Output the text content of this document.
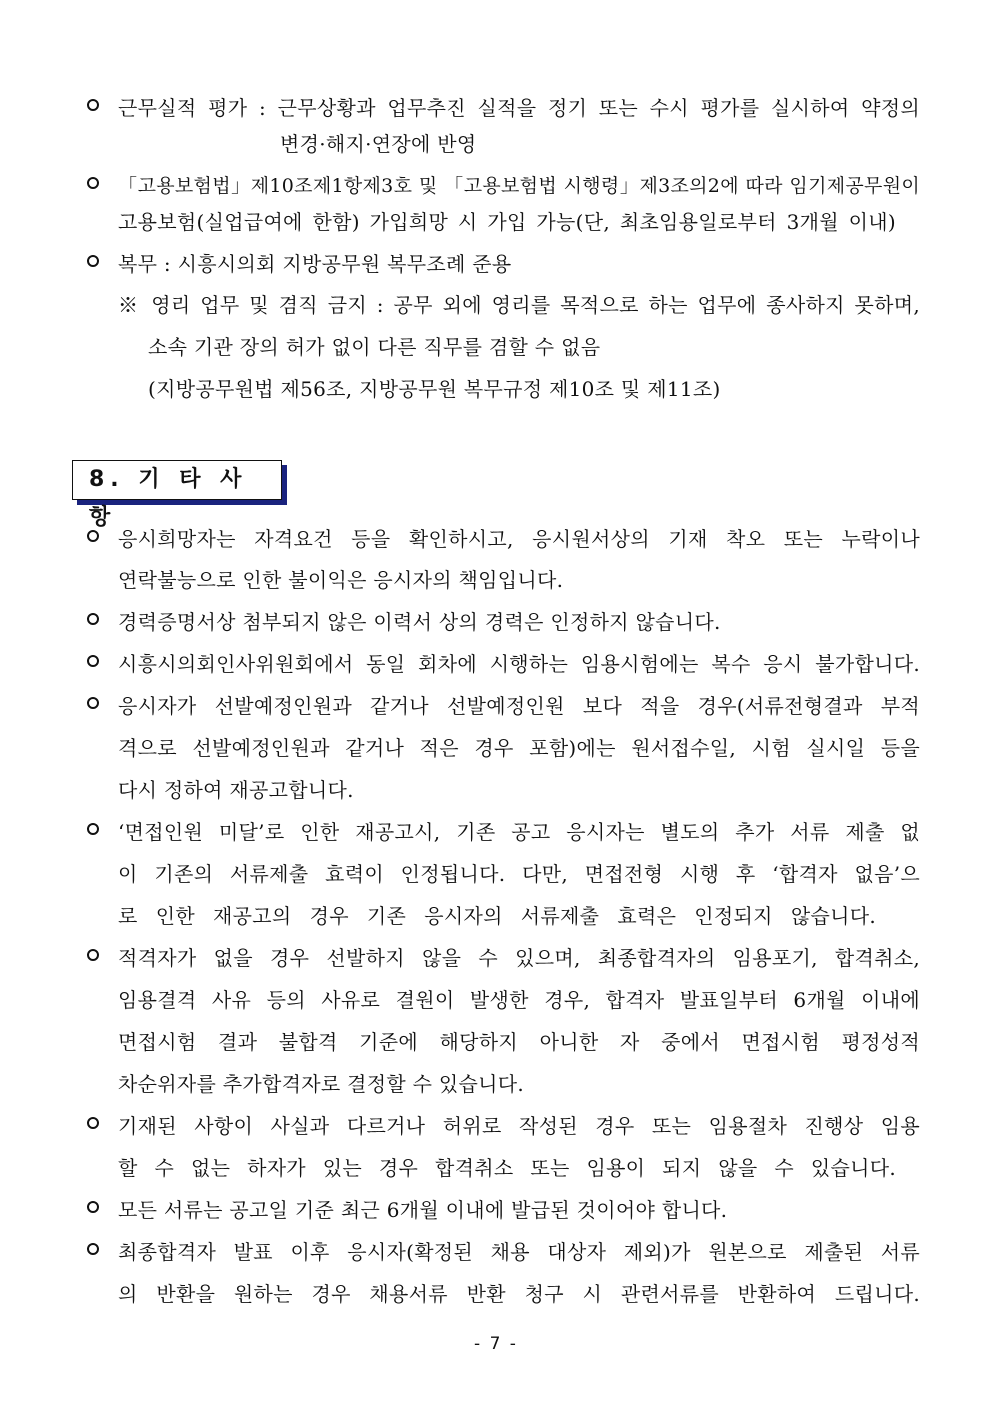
근무실적 평가 : 근무상황과 업무추진 실적을 정기 또는 수시 평가를 실시하여 약정의
변경·해지·연장에 반영
「고용보험법」제10조제1항제3호 및 「고용보험법 시행령」제3조의2에 따라 임기제공무원이
고용보험(실업급여에 한함) 가입희망 시 가입 가능(단, 최초임용일로부터 3개월 이내)
복무 : 시흥시의회 지방공무원 복무조례 준용
※ 영리 업무 및 겸직 금지 : 공무 외에 영리를 목적으로 하는 업무에 종사하지 못하며,
소속 기관 장의 허가 없이 다른 직무를 겸할 수 없음
(지방공무원법 제56조, 지방공무원 복무규정 제10조 및 제11조)
8. 기 타 사 항
응시희망자는 자격요건 등을 확인하시고, 응시원서상의 기재 착오 또는 누락이나
연락불능으로 인한 불이익은 응시자의 책임입니다.
경력증명서상 첨부되지 않은 이력서 상의 경력은 인정하지 않습니다.
시흥시의회인사위원회에서 동일 회차에 시행하는 임용시험에는 복수 응시 불가합니다.
응시자가 선발예정인원과 같거나 선발예정인원 보다 적을 경우(서류전형결과 부적
격으로 선발예정인원과 같거나 적은 경우 포함)에는 원서접수일, 시험 실시일 등을
다시 정하여 재공고합니다.
‘면접인원 미달’로 인한 재공고시, 기존 공고 응시자는 별도의 추가 서류 제출 없
이 기존의 서류제출 효력이 인정됩니다. 다만, 면접전형 시행 후 ‘합격자 없음’으
로 인한 재공고의 경우 기존 응시자의 서류제출 효력은 인정되지 않습니다.
적격자가 없을 경우 선발하지 않을 수 있으며, 최종합격자의 임용포기, 합격취소,
임용결격 사유 등의 사유로 결원이 발생한 경우, 합격자 발표일부터 6개월 이내에
면접시험 결과 불합격 기준에 해당하지 아니한 자 중에서 면접시험 평정성적
차순위자를 추가합격자로 결정할 수 있습니다.
기재된 사항이 사실과 다르거나 허위로 작성된 경우 또는 임용절차 진행상 임용
할 수 없는 하자가 있는 경우 합격취소 또는 임용이 되지 않을 수 있습니다.
모든 서류는 공고일 기준 최근 6개월 이내에 발급된 것이어야 합니다.
최종합격자 발표 이후 응시자(확정된 채용 대상자 제외)가 원본으로 제출된 서류
의 반환을 원하는 경우 채용서류 반환 청구 시 관련서류를 반환하여 드립니다.
- 7 -
